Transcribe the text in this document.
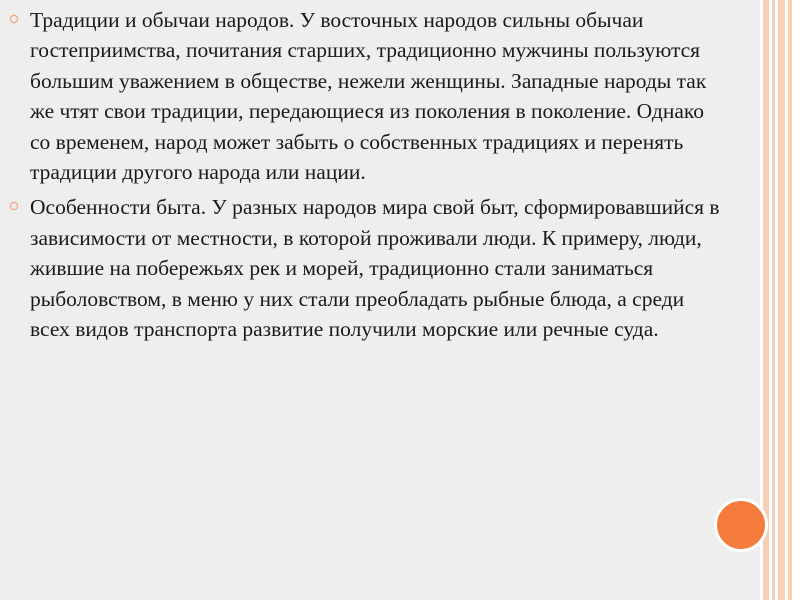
Традиции и обычаи народов. У восточных народов сильны обычаи гостеприимства, почитания старших, традиционно мужчины пользуются большим уважением в обществе, нежели женщины. Западные народы так же чтят свои традиции, передающиеся из поколения в поколение. Однако со временем, народ может забыть о собственных традициях и перенять традиции другого народа или нации.
Особенности быта. У разных народов мира свой быт, сформировавшийся в зависимости от местности, в которой проживали люди. К примеру, люди, жившие на побережьях рек и морей, традиционно стали заниматься рыболовством, в меню у них стали преобладать рыбные блюда, а среди всех видов транспорта развитие получили морские или речные суда.
